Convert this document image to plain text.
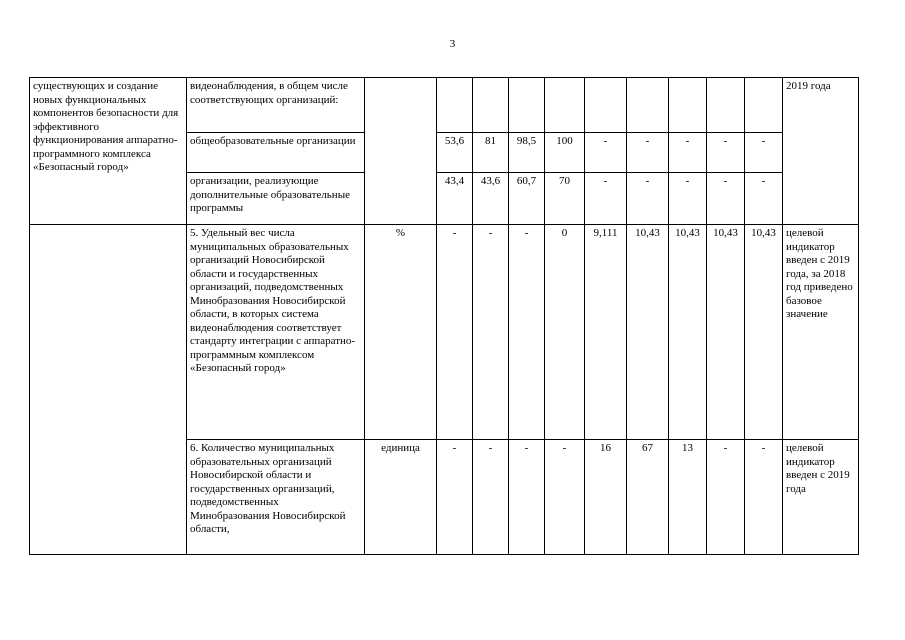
3
существующих и создание новых функциональных компонентов безопасности для эффективного функционирования аппаратно-программного комплекса «Безопасный город»	видеонаблюдения, в общем числе соответствующих организаций:											2019 года
	общеобразовательные организации		53,6	81	98,5	100	-	-	-	-	-	
	организации, реализующие дополнительные образовательные программы		43,4	43,6	60,7	70	-	-	-	-	-	
	5. Удельный вес числа муниципальных образовательных организаций Новосибирской области и государственных организаций, подведомственных Минобразования Новосибирской области, в которых система видеонаблюдения соответствует стандарту интеграции с аппаратно-программным комплексом «Безопасный город»	%	-	-	-	0	9,111	10,43	10,43	10,43	10,43	целевой индикатор введен с 2019 года, за 2018 год приведено базовое значение
	6. Количество муниципальных образовательных организаций Новосибирской области и государственных организаций, подведомственных Минобразования Новосибирской области,	единица	-	-	-	-	16	67	13	-	-	целевой индикатор введен с 2019 года
